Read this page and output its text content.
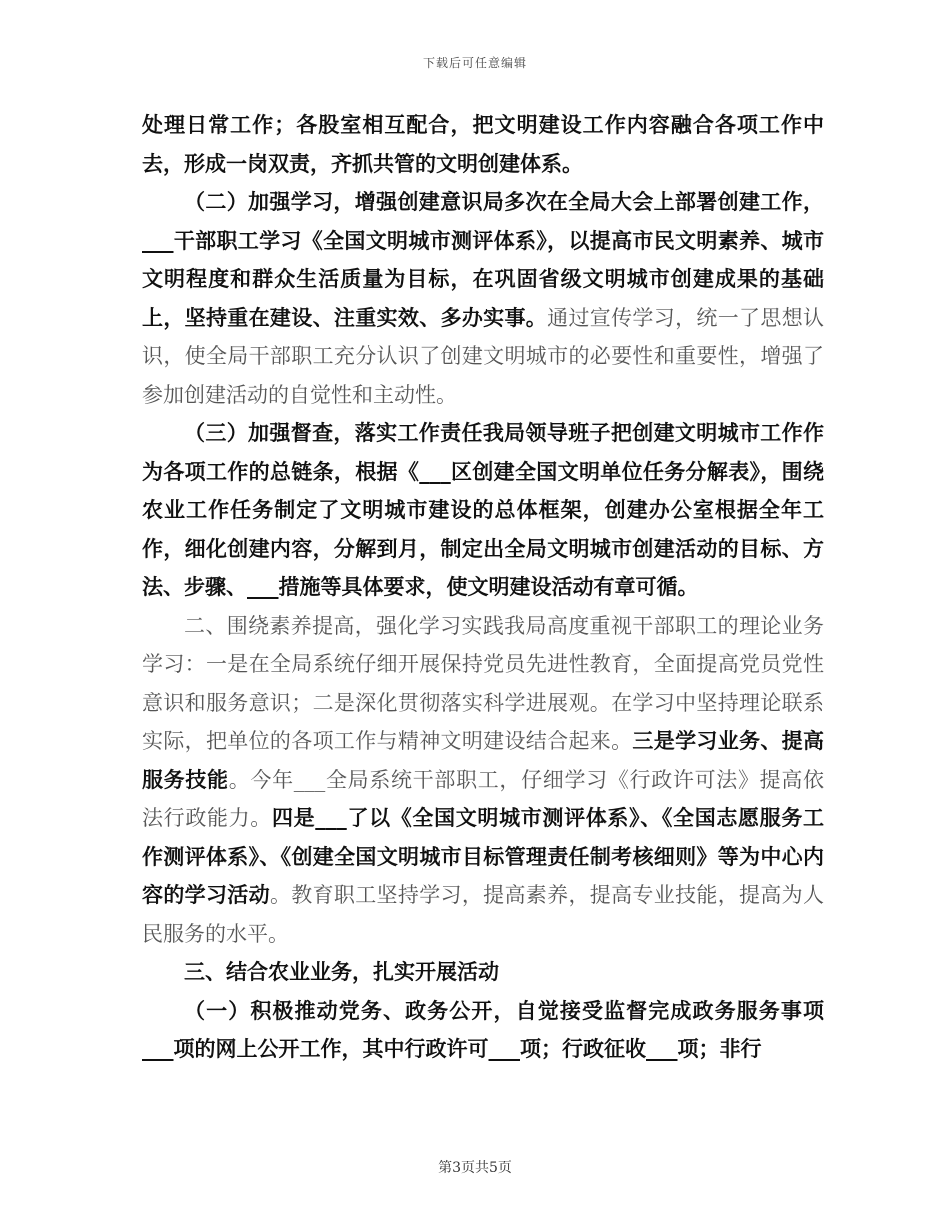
下载后可任意编辑

处理日常工作；各股室相互配合，把文明建设工作内容融合各项工作中去，形成一岗双责，齐抓共管的文明创建体系。

（二）加强学习，增强创建意识局多次在全局大会上部署创建工作，___干部职工学习《全国文明城市测评体系》，以提高市民文明素养、城市文明程度和群众生活质量为目标，在巩固省级文明城市创建成果的基础上，坚持重在建设、注重实效、多办实事。通过宣传学习，统一了思想认识，使全局干部职工充分认识了创建文明城市的必要性和重要性，增强了参加创建活动的自觉性和主动性。

（三）加强督查，落实工作责任我局领导班子把创建文明城市工作作为各项工作的总链条，根据《___区创建全国文明单位任务分解表》，围绕农业工作任务制定了文明城市建设的总体框架，创建办公室根据全年工作，细化创建内容，分解到月，制定出全局文明城市创建活动的目标、方法、步骤、___措施等具体要求，使文明建设活动有章可循。

二、围绕素养提高，强化学习实践我局高度重视干部职工的理论业务学习：一是在全局系统仔细开展保持党员先进性教育，全面提高党员党性意识和服务意识；二是深化贯彻落实科学进展观。在学习中坚持理论联系实际，把单位的各项工作与精神文明建设结合起来。三是学习业务、提高服务技能。今年___全局系统干部职工，仔细学习《行政许可法》提高依法行政能力。四是___了以《全国文明城市测评体系》、《全国志愿服务工作测评体系》、《创建全国文明城市目标管理责任制考核细则》等为中心内容的学习活动。教育职工坚持学习，提高素养，提高专业技能，提高为人民服务的水平。

三、结合农业业务，扎实开展活动

（一）积极推动党务、政务公开，自觉接受监督完成政务服务事项___项的网上公开工作，其中行政许可___项；行政征收___项；非行

第3页共5页
